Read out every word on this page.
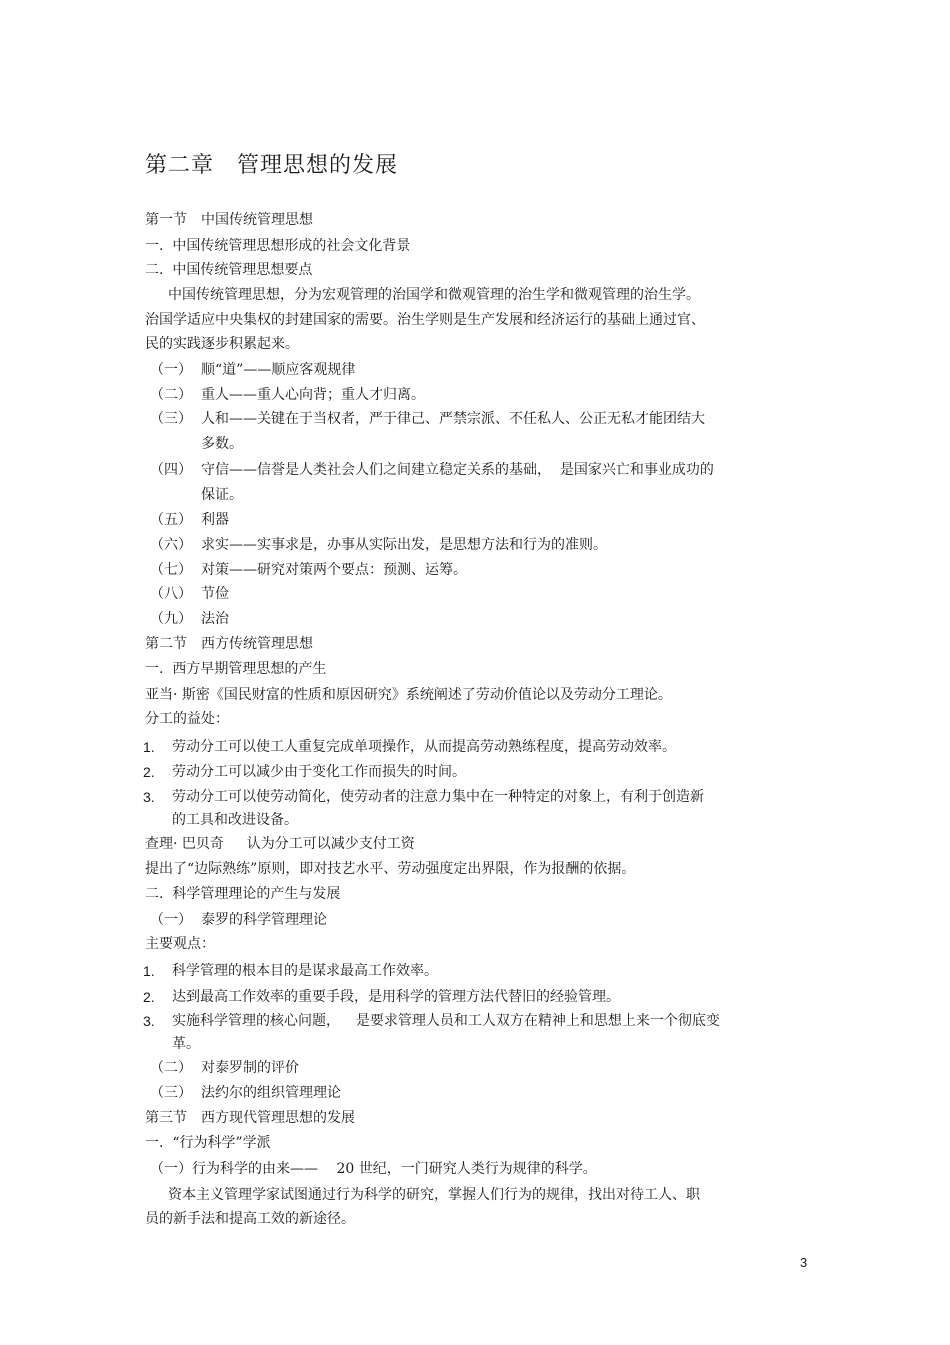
第二章　管理思想的发展
第一节　中国传统管理思想
一.  中国传统管理思想形成的社会文化背景
二.  中国传统管理思想要点
中国传统管理思想，分为宏观管理的治国学和微观管理的治生学和微观管理的治生学。
治国学适应中央集权的封建国家的需要。治生学则是生产发展和经济运行的基础上通过官、
民的实践逐步积累起来。
（一） 顺“道”——顺应客观规律
（二） 重人——重人心向背；重人才归离。
（三） 人和——关键在于当权者，严于律己、严禁宗派、不任私人、公正无私才能团结大
多数。
（四） 守信——信誉是人类社会人们之间建立稳定关系的基础，  是国家兴亡和事业成功的
保证。
（五） 利器
（六） 求实——实事求是，办事从实际出发，是思想方法和行为的准则。
（七） 对策——研究对策两个要点：预测、运筹。
（八） 节俭
（九） 法治
第二节　西方传统管理思想
一.  西方早期管理思想的产生
亚当· 斯密《国民财富的性质和原因研究》系统阐述了劳动价值论以及劳动分工理论。
分工的益处：
1. 劳动分工可以使工人重复完成单项操作，从而提高劳动熟练程度，提高劳动效率。
2. 劳动分工可以减少由于变化工作而损失的时间。
3. 劳动分工可以使劳动简化，使劳动者的注意力集中在一种特定的对象上，有利于创造新
的工具和改进设备。
查理· 巴贝奇　  认为分工可以减少支付工资
提出了“边际熟练”原则，即对技艺水平、劳动强度定出界限，作为报酬的依据。
二.  科学管理理论的产生与发展
（一） 泰罗的科学管理理论
主要观点：
1. 科学管理的根本目的是谋求最高工作效率。
2. 达到最高工作效率的重要手段，是用科学的管理方法代替旧的经验管理。
3. 实施科学管理的核心问题，　  是要求管理人员和工人双方在精神上和思想上来一个彻底变
革。
（二） 对泰罗制的评价
（三） 法约尔的组织管理理论
第三节　西方现代管理思想的发展
一.  “行为科学”学派
（一）行为科学的由来——　 20 世纪，一门研究人类行为规律的科学。
资本主义管理学家试图通过行为科学的研究，掌握人们行为的规律，找出对待工人、职
员的新手法和提高工效的新途径。
3
